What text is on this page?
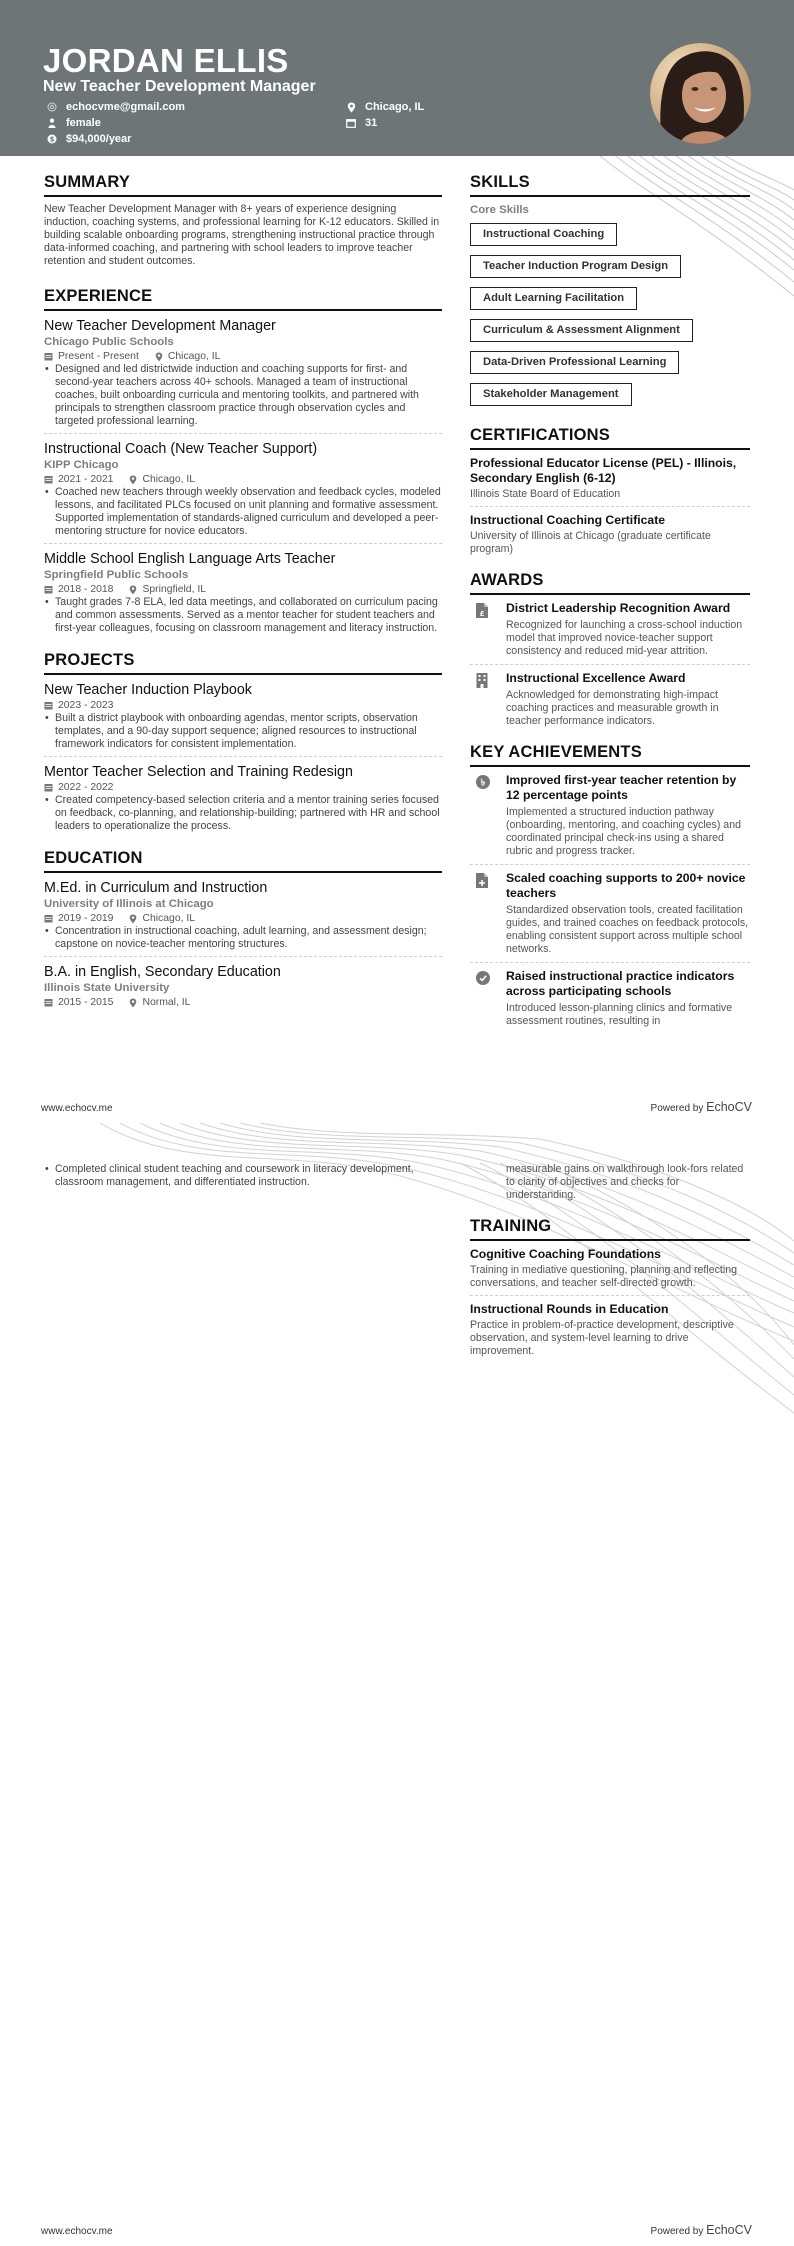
JORDAN ELLIS
New Teacher Development Manager
echocvme@gmail.com
female
$ $94,000/year
Chicago, IL
31
SUMMARY
New Teacher Development Manager with 8+ years of experience designing induction, coaching systems, and professional learning for K-12 educators. Skilled in building scalable onboarding programs, strengthening instructional practice through data-informed coaching, and partnering with school leaders to improve teacher retention and student outcomes.
EXPERIENCE
New Teacher Development Manager
Chicago Public Schools
Present - Present	Chicago, IL
• Designed and led districtwide induction and coaching supports for first- and second-year teachers across 40+ schools. Managed a team of instructional coaches, built onboarding curricula and mentoring toolkits, and partnered with principals to strengthen classroom practice through observation cycles and targeted professional learning.
Instructional Coach (New Teacher Support)
KIPP Chicago
2021 - 2021	Chicago, IL
• Coached new teachers through weekly observation and feedback cycles, modeled lessons, and facilitated PLCs focused on unit planning and formative assessment. Supported implementation of standards-aligned curriculum and developed a peer-mentoring structure for novice educators.
Middle School English Language Arts Teacher
Springfield Public Schools
2018 - 2018	Springfield, IL
• Taught grades 7-8 ELA, led data meetings, and collaborated on curriculum pacing and common assessments. Served as a mentor teacher for student teachers and first-year colleagues, focusing on classroom management and literacy instruction.
PROJECTS
New Teacher Induction Playbook
2023 - 2023
• Built a district playbook with onboarding agendas, mentor scripts, observation templates, and a 90-day support sequence; aligned resources to instructional framework indicators for consistent implementation.
Mentor Teacher Selection and Training Redesign
2022 - 2022
• Created competency-based selection criteria and a mentor training series focused on feedback, co-planning, and relationship-building; partnered with HR and school leaders to operationalize the process.
EDUCATION
M.Ed. in Curriculum and Instruction
University of Illinois at Chicago
2019 - 2019	Chicago, IL
• Concentration in instructional coaching, adult learning, and assessment design; capstone on novice-teacher mentoring structures.
B.A. in English, Secondary Education
Illinois State University
2015 - 2015	Normal, IL
SKILLS
Core Skills
Instructional Coaching
Teacher Induction Program Design
Adult Learning Facilitation
Curriculum & Assessment Alignment
Data-Driven Professional Learning
Stakeholder Management
CERTIFICATIONS
Professional Educator License (PEL) - Illinois, Secondary English (6-12)
Illinois State Board of Education
Instructional Coaching Certificate
University of Illinois at Chicago (graduate certificate program)
AWARDS
£ District Leadership Recognition Award
Recognized for launching a cross-school induction model that improved novice-teacher support consistency and reduced mid-year attrition.
Instructional Excellence Award
Acknowledged for demonstrating high-impact coaching practices and measurable growth in teacher performance indicators.
KEY ACHIEVEMENTS
৳ Improved first-year teacher retention by 12 percentage points
Implemented a structured induction pathway (onboarding, mentoring, and coaching cycles) and coordinated principal check-ins using a shared rubric and progress tracker.
Scaled coaching supports to 200+ novice teachers
Standardized observation tools, created facilitation guides, and trained coaches on feedback protocols, enabling consistent support across multiple school networks.
Raised instructional practice indicators across participating schools
Introduced lesson-planning clinics and formative assessment routines, resulting in
www.echocv.me	Powered by EchoCV
• Completed clinical student teaching and coursework in literacy development, classroom management, and differentiated instruction.
measurable gains on walkthrough look-fors related to clarity of objectives and checks for understanding.
TRAINING
Cognitive Coaching Foundations
Training in mediative questioning, planning and reflecting conversations, and teacher self-directed growth.
Instructional Rounds in Education
Practice in problem-of-practice development, descriptive observation, and system-level learning to drive improvement.
www.echocv.me	Powered by EchoCV
